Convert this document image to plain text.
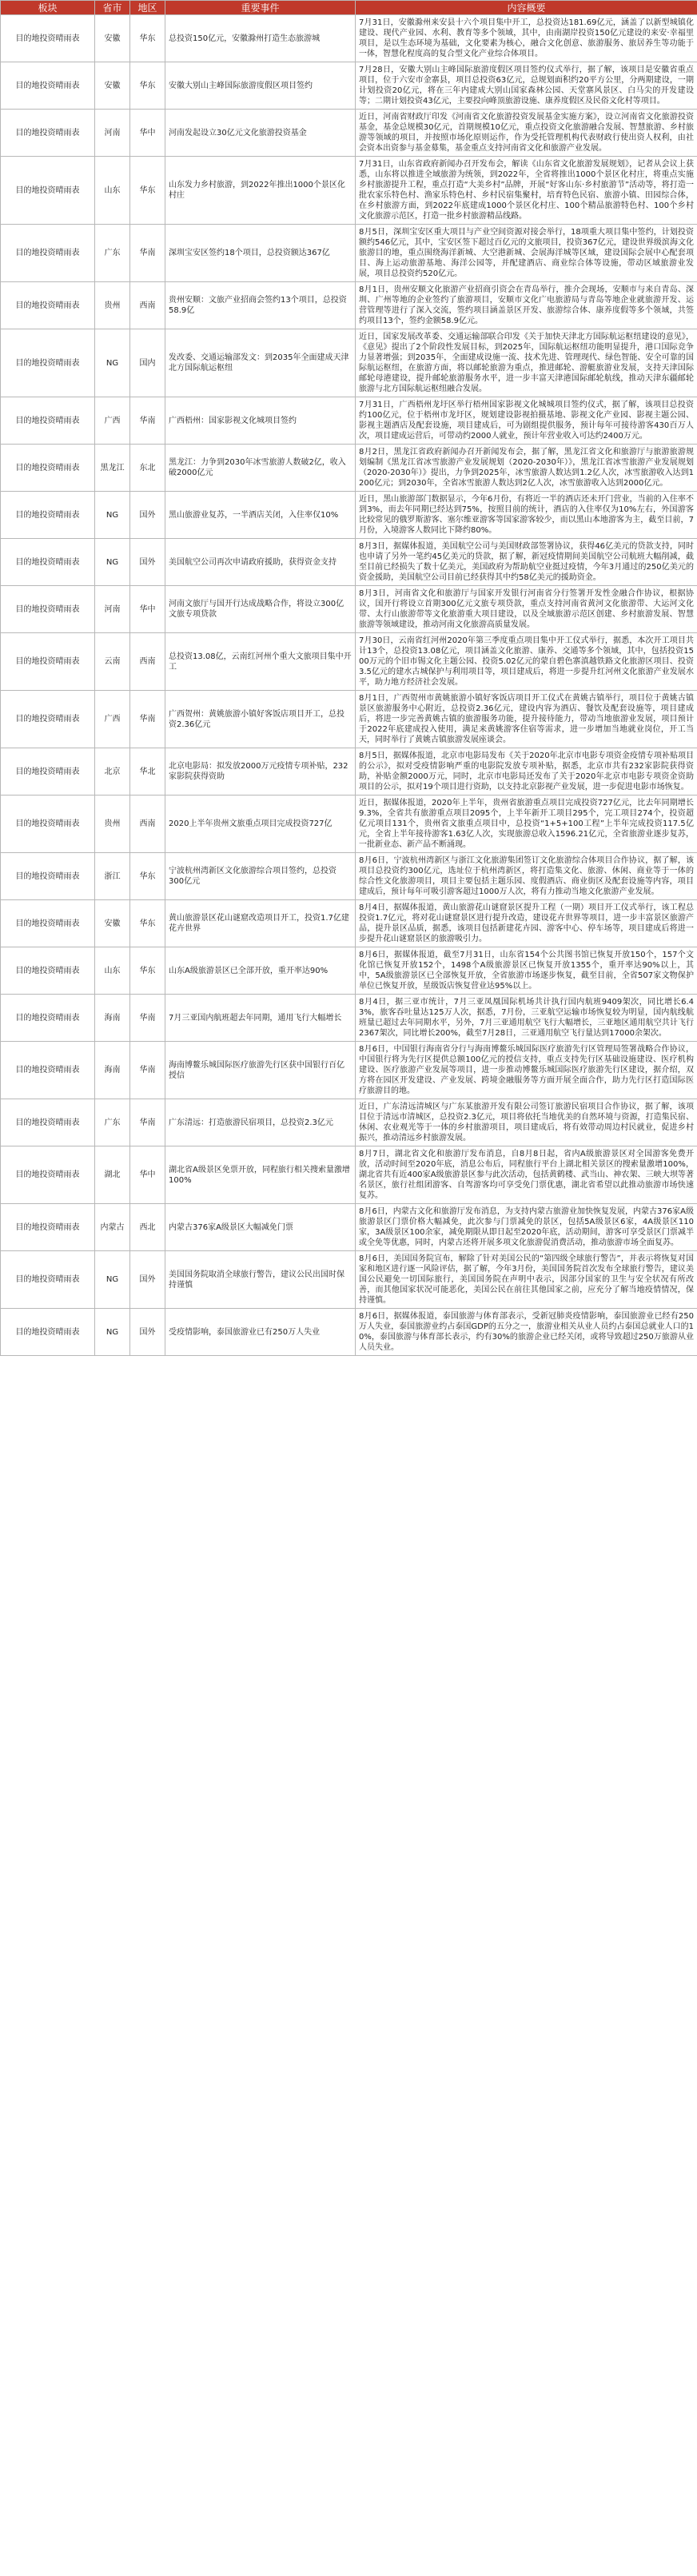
板块	省市	地区	重要事件	内容概要
目的地投资晴雨表	安徽	华东	总投资150亿元，安徽滁州打造生态旅游城	7月31日，安徽滁州来安县十六个项目集中开工，总投资达181.69亿元，涵盖了以新型城镇化建设、现代产业园、水利、教育等多个领域，其中，由南湖岸投资150亿元建设的来安·幸福里项目，是以生态环境为基础，文化要素为核心，融合文化创意、旅游服务、旅居养生等功能于一体，智慧化程度高的复合型文化产业综合体项目。
目的地投资晴雨表	安徽	华东	安徽大别山主峰国际旅游度假区项目签约	7月28日，安徽大别山主峰国际旅游度假区项目签约仪式举行，据了解，该项目是安徽省重点项目，位于六安市金寨县，项目总投资63亿元，总规划面积约20平方公里，分两期建设，一期计划投资20亿元，将在三年内建成大别山国家森林公园、天堂寨风景区、白马尖的开发建设等；二期计划投资43亿元，主要投向峰顶旅游设施、康养度假区及民俗文化村等项目。
目的地投资晴雨表	河南	华中	河南发起设立30亿元文化旅游投资基金	近日，河南省财政厅印发《河南省文化旅游投资发展基金实施方案》，设立河南省文化旅游投资基金，基金总规模30亿元，首期规模10亿元，重点投资文化旅游融合发展、智慧旅游、乡村旅游等领域的项目，并按照市场化原则运作，作为受托管理机构代表财政行使出资人权利，由社会资本出资参与基金募集，基金重点支持河南省文化和旅游产业发展。
目的地投资晴雨表	山东	华东	山东发力乡村旅游，到2022年推出1000个景区化村庄	7月31日，山东省政府新闻办召开发布会，解读《山东省文化旅游发展规划》，记者从会议上获悉，山东将以推进全域旅游为统领，到2022年，全省将推出1000个景区化村庄，将重点实施乡村旅游提升工程，重点打造“大美乡村”品牌，开展“好客山东·乡村旅游节”活动等，将打造一批农家乐特色村、渔家乐特色村、乡村民宿集聚村，培育特色民宿、旅游小镇、田园综合体，在乡村旅游方面，到2022年底建成1000个景区化村庄、100个精品旅游特色村、100个乡村文化旅游示范区，打造一批乡村旅游精品线路。
目的地投资晴雨表	广东	华南	深圳宝安区签约18个项目，总投资额达367亿	8月5日，深圳宝安区重大项目与产业空间资源对接会举行，18项重大项目集中签约，计划投资额约546亿元，其中，宝安区签下超过百亿元的文旅项目，投资367亿元，建设世界级滨海文化旅游目的地，重点围绕海洋新城、大空港新城、会展海洋城等区域，建设国际会展中心配套项目、海上运动旅游基地、海洋公园等，并配建酒店、商业综合体等设施，带动区域旅游业发展，项目总投资约520亿元。
目的地投资晴雨表	贵州	西南	贵州安顺：文旅产业招商会签约13个项目，总投资58.9亿	8月1日，贵州安顺文化旅游产业招商引资会在青岛举行，推介会现场，安顺市与来自青岛、深圳、广州等地的企业签约了旅游项目，安顺市文化广电旅游局与青岛等地企业就旅游开发、运营管理等进行了深入交流，签约项目涵盖景区开发、旅游综合体、康养度假等多个领域，共签约项目13个，签约金额58.9亿元。
目的地投资晴雨表	NG	国内	发改委、交通运输部发文：到2035年全面建成天津北方国际航运枢纽	近日，国家发展改革委、交通运输部联合印发《关于加快天津北方国际航运枢纽建设的意见》，《意见》提出了2个阶段性发展目标，到2025年，国际航运枢纽功能明显提升，港口国际竞争力显著增强；到2035年，全面建成设施一流、技术先进、管理现代、绿色智能、安全可靠的国际航运枢纽，在旅游方面，将以邮轮旅游为重点，推进邮轮、游艇旅游业发展，支持天津国际邮轮母港建设，提升邮轮旅游服务水平，进一步丰富天津港国际邮轮航线，推动天津东疆邮轮旅游与北方国际航运枢纽融合发展。
目的地投资晴雨表	广西	华南	广西梧州：国家影视文化城项目签约	7月31日，广西梧州龙圩区举行梧州国家影视文化城城项目签约仪式，据了解，该项目总投资约100亿元，位于梧州市龙圩区，规划建设影视拍摄基地、影视文化产业园、影视主题公园、影视主题酒店及配套设施，项目建成后，可为剧组提供服务，预计每年可接待游客430百万人次，项目建成运营后，可带动约2000人就业，预计年营业收入可达约2400万元。
目的地投资晴雨表	黑龙江	东北	黑龙江：力争到2030年冰雪旅游人数破2亿，收入破2000亿元	8月2日，黑龙江省政府新闻办召开新闻发布会，据了解，黑龙江省文化和旅游厅与旅游旅游规划编制《黑龙江省冰雪旅游产业发展规划（2020-2030年）》，黑龙江省冰雪旅游产业发展规划（2020-2030年）》提出，力争到2025年，冰雪旅游人数达到1.2亿人次，冰雪旅游收入达到1200亿元；到2030年，全省冰雪旅游人数达到2亿人次，冰雪旅游收入达到2000亿元。
目的地投资晴雨表	NG	国外	黑山旅游业复苏，一半酒店关闭，入住率仅10%	近日，黑山旅游部门数据显示，今年6月份，有将近一半的酒店还未开门营业，当前的入住率不到3%，而去年同期已经达到75%，按照目前的统计，酒店的入住率仅为10%左右，外国游客比较常见的俄罗斯游客、塞尔维亚游客等国家游客较少，而以黑山本地游客为主，截至目前，7月份，入境游客人数同比下降约80%。
目的地投资晴雨表	NG	国外	美国航空公司再次申请政府援助，获得资金支持	8月3日，据媒体报道，美国航空公司与美国财政部签署协议，获得46亿美元的贷款支持，同时也申请了另外一笔约45亿美元的贷款，据了解，新冠疫情期间美国航空公司航班大幅削减，截至目前已经损失了数十亿美元，美国政府为帮助航空业挺过疫情，今年3月通过的250亿美元的资金援助，美国航空公司目前已经获得其中约58亿美元的援助资金。
目的地投资晴雨表	河南	华中	河南文旅厅与国开行达成战略合作，将设立300亿文旅专项贷款	8月3日，河南省文化和旅游厅与国家开发银行河南省分行签署开发性金融合作协议，根据协议，国开行将设立首期300亿元文旅专项贷款，重点支持河南省黄河文化旅游带、大运河文化带、太行山旅游带等文化旅游重大项目建设，以及全域旅游示范区创建、乡村旅游发展、智慧旅游等领域建设，推动河南文化旅游高质量发展。
目的地投资晴雨表	云南	西南	总投资13.08亿，云南红河州个重大文旅项目集中开工	7月30日，云南省红河州2020年第三季度重点项目集中开工仪式举行，据悉，本次开工项目共计13个，总投资13.08亿元，项目涵盖文化旅游、康养、交通等多个领域，其中，包括投资1500万元的个旧市锡文化主题公园、投资5.02亿元的蒙自碧色寨滇越铁路文化旅游区项目、投资3.5亿元的建水古城保护与利用项目等，项目建成后，将进一步提升红河州文化旅游产业发展水平，助力地方经济社会发展。
目的地投资晴雨表	广西	华南	广西贺州：黄姚旅游小镇好客饭店项目开工，总投资2.36亿元	8月1日，广西贺州市黄姚旅游小镇好客饭店项目开工仪式在黄姚古镇举行，项目位于黄姚古镇景区旅游服务中心附近，总投资2.36亿元，建设内容为酒店、餐饮及配套设施等，项目建成后，将进一步完善黄姚古镇的旅游服务功能，提升接待能力，带动当地旅游业发展，项目预计于2022年底建成投入使用，满足来黄姚游客住宿等需求，进一步增加当地就业岗位，开工当天，同时举行了黄姚古镇旅游发展座谈会。
目的地投资晴雨表	北京	华北	北京电影局：拟发放2000万元疫情专项补贴，232家影院获得资助	8月5日，据媒体报道，北京市电影局发布《关于2020年北京市电影专项资金疫情专项补贴项目的公示》，拟对受疫情影响严重的电影院发放专项补贴，据悉，北京市共有232家影院获得资助，补贴金额2000万元，同时，北京市电影局还发布了关于2020年北京市电影专项资金资助项目的公示，拟对19个项目进行资助，以支持北京影视产业发展，进一步促进电影市场恢复。
目的地投资晴雨表	贵州	西南	2020上半年贵州文旅重点项目完成投资727亿	近日，据媒体报道，2020年上半年，贵州省旅游重点项目完成投资727亿元，比去年同期增长9.3%，全省共有旅游重点项目2095个，上半年新开工项目295个，完工项目274个，投资超亿元项目131个，贵州省文旅重点项目中，总投资“1+5+100工程”上半年完成投资117.5亿元，全省上半年接待游客1.63亿人次，实现旅游总收入1596.21亿元，全省旅游业逐步复苏，一批新业态、新产品不断涌现。
目的地投资晴雨表	浙江	华东	宁波杭州湾新区文化旅游综合项目签约，总投资300亿元	8月6日，宁波杭州湾新区与浙江文化旅游集团签订文化旅游综合体项目合作协议，据了解，该项目总投资约300亿元，选址位于杭州湾新区，将打造集文化、旅游、休闲、商业等于一体的综合性文化旅游项目，项目主要包括主题乐园、度假酒店、商业街区及配套设施等内容，项目建成后，预计每年可吸引游客超过1000万人次，将有力推动当地文化旅游产业发展。
目的地投资晴雨表	安徽	华东	黄山旅游景区花山谜窟改造项目开工，投资1.7亿建花卉世界	8月4日，据媒体报道，黄山旅游花山谜窟景区提升工程（一期）项目开工仪式举行，该工程总投资1.7亿元，将对花山谜窟景区进行提升改造，建设花卉世界等项目，进一步丰富景区旅游产品，提升景区品质，据悉，该项目包括新建花卉园、游客中心、停车场等，项目建成后将进一步提升花山谜窟景区的旅游吸引力。
目的地投资晴雨表	山东	华东	山东A级旅游景区已全部开放，重开率达90%	8月6日，据媒体报道，截至7月31日，山东省154个公共图书馆已恢复开放150个，157个文化馆已恢复开放152个，1498个A级旅游景区已恢复开放1355个，重开率达90%以上，其中，5A级旅游景区已全部恢复开放，全省旅游市场逐步恢复，截至目前，全省507家文物保护单位已恢复开放，星级饭店恢复营业达95%以上。
目的地投资晴雨表	海南	华南	7月三亚国内航班超去年同期，通用飞行大幅增长	8月4日，据三亚市统计，7月三亚凤凰国际机场共计执行国内航班9409架次，同比增长6.43%，旅客吞吐量达125万人次，据悉，7月份，三亚航空运输市场恢复较为明显，国内航线航班量已超过去年同期水平，另外，7月三亚通用航空飞行大幅增长，三亚地区通用航空共计飞行2367架次，同比增长200%，截至7月28日，三亚通用航空飞行量达到17000余架次。
目的地投资晴雨表	海南	华南	海南博鳌乐城国际医疗旅游先行区获中国银行百亿授信	8月6日，中国银行海南省分行与海南博鳌乐城国际医疗旅游先行区管理局签署战略合作协议，中国银行将为先行区提供总额100亿元的授信支持，重点支持先行区基础设施建设、医疗机构建设、医疗旅游产业发展等项目，进一步推动博鳌乐城国际医疗旅游先行区建设，据介绍，双方将在园区开发建设、产业发展、跨境金融服务等方面开展全面合作，助力先行区打造国际医疗旅游目的地。
目的地投资晴雨表	广东	华南	广东清远：打造旅游民宿项目，总投资2.3亿元	近日，广东清远清城区与广东某旅游开发有限公司签订旅游民宿项目合作协议，据了解，该项目位于清远市清城区，总投资2.3亿元，项目将依托当地优美的自然环境与资源，打造集民宿、休闲、农业观光等于一体的乡村旅游项目，项目建成后，将有效带动周边村民就业，促进乡村振兴，推动清远乡村旅游发展。
目的地投资晴雨表	湖北	华中	湖北省A级景区免票开放，同程旅行相关搜索量激增100%	8月7日，湖北省文化和旅游厅发布消息，自8月8日起，省内A级旅游景区对全国游客免费开放，活动时间至2020年底，消息公布后，同程旅行平台上湖北相关景区的搜索量激增100%，湖北省共有近400家A级旅游景区参与此次活动，包括黄鹤楼、武当山、神农架、三峡大坝等著名景区，旅行社组团游客、自驾游客均可享受免门票优惠，湖北省希望以此推动旅游市场快速复苏。
目的地投资晴雨表	内蒙古	西北	内蒙古376家A级景区大幅减免门票	8月6日，内蒙古文化和旅游厅发布消息，为支持内蒙古旅游业加快恢复发展，内蒙古376家A级旅游景区门票价格大幅减免，此次参与门票减免的景区，包括5A级景区6家，4A级景区110家，3A级景区100余家，减免期限从即日起至2020年底，活动期间，游客可享受景区门票减半或全免等优惠，同时，内蒙古还将开展多项文化旅游促消费活动，推动旅游市场全面复苏。
目的地投资晴雨表	NG	国外	美国国务院取消全球旅行警告，建议公民出国时保持谨慎	8月6日，美国国务院宣布，解除了针对美国公民的“第四级全球旅行警告”，并表示将恢复对国家和地区进行逐一风险评估，据了解，今年3月份，美国国务院首次发布全球旅行警告，建议美国公民避免一切国际旅行，美国国务院在声明中表示，因部分国家的卫生与安全状况有所改善，而其他国家状况可能恶化，美国公民在前往其他国家之前，应充分了解当地疫情情况，保持谨慎。
目的地投资晴雨表	NG	国外	受疫情影响，泰国旅游业已有250万人失业	8月6日，据媒体报道，泰国旅游与体育部表示，受新冠肺炎疫情影响，泰国旅游业已经有250万人失业，泰国旅游业约占泰国GDP的五分之一，旅游业相关从业人员约占泰国总就业人口的10%，泰国旅游与体育部长表示，约有30%的旅游企业已经关闭，或将导致超过250万旅游从业人员失业。
